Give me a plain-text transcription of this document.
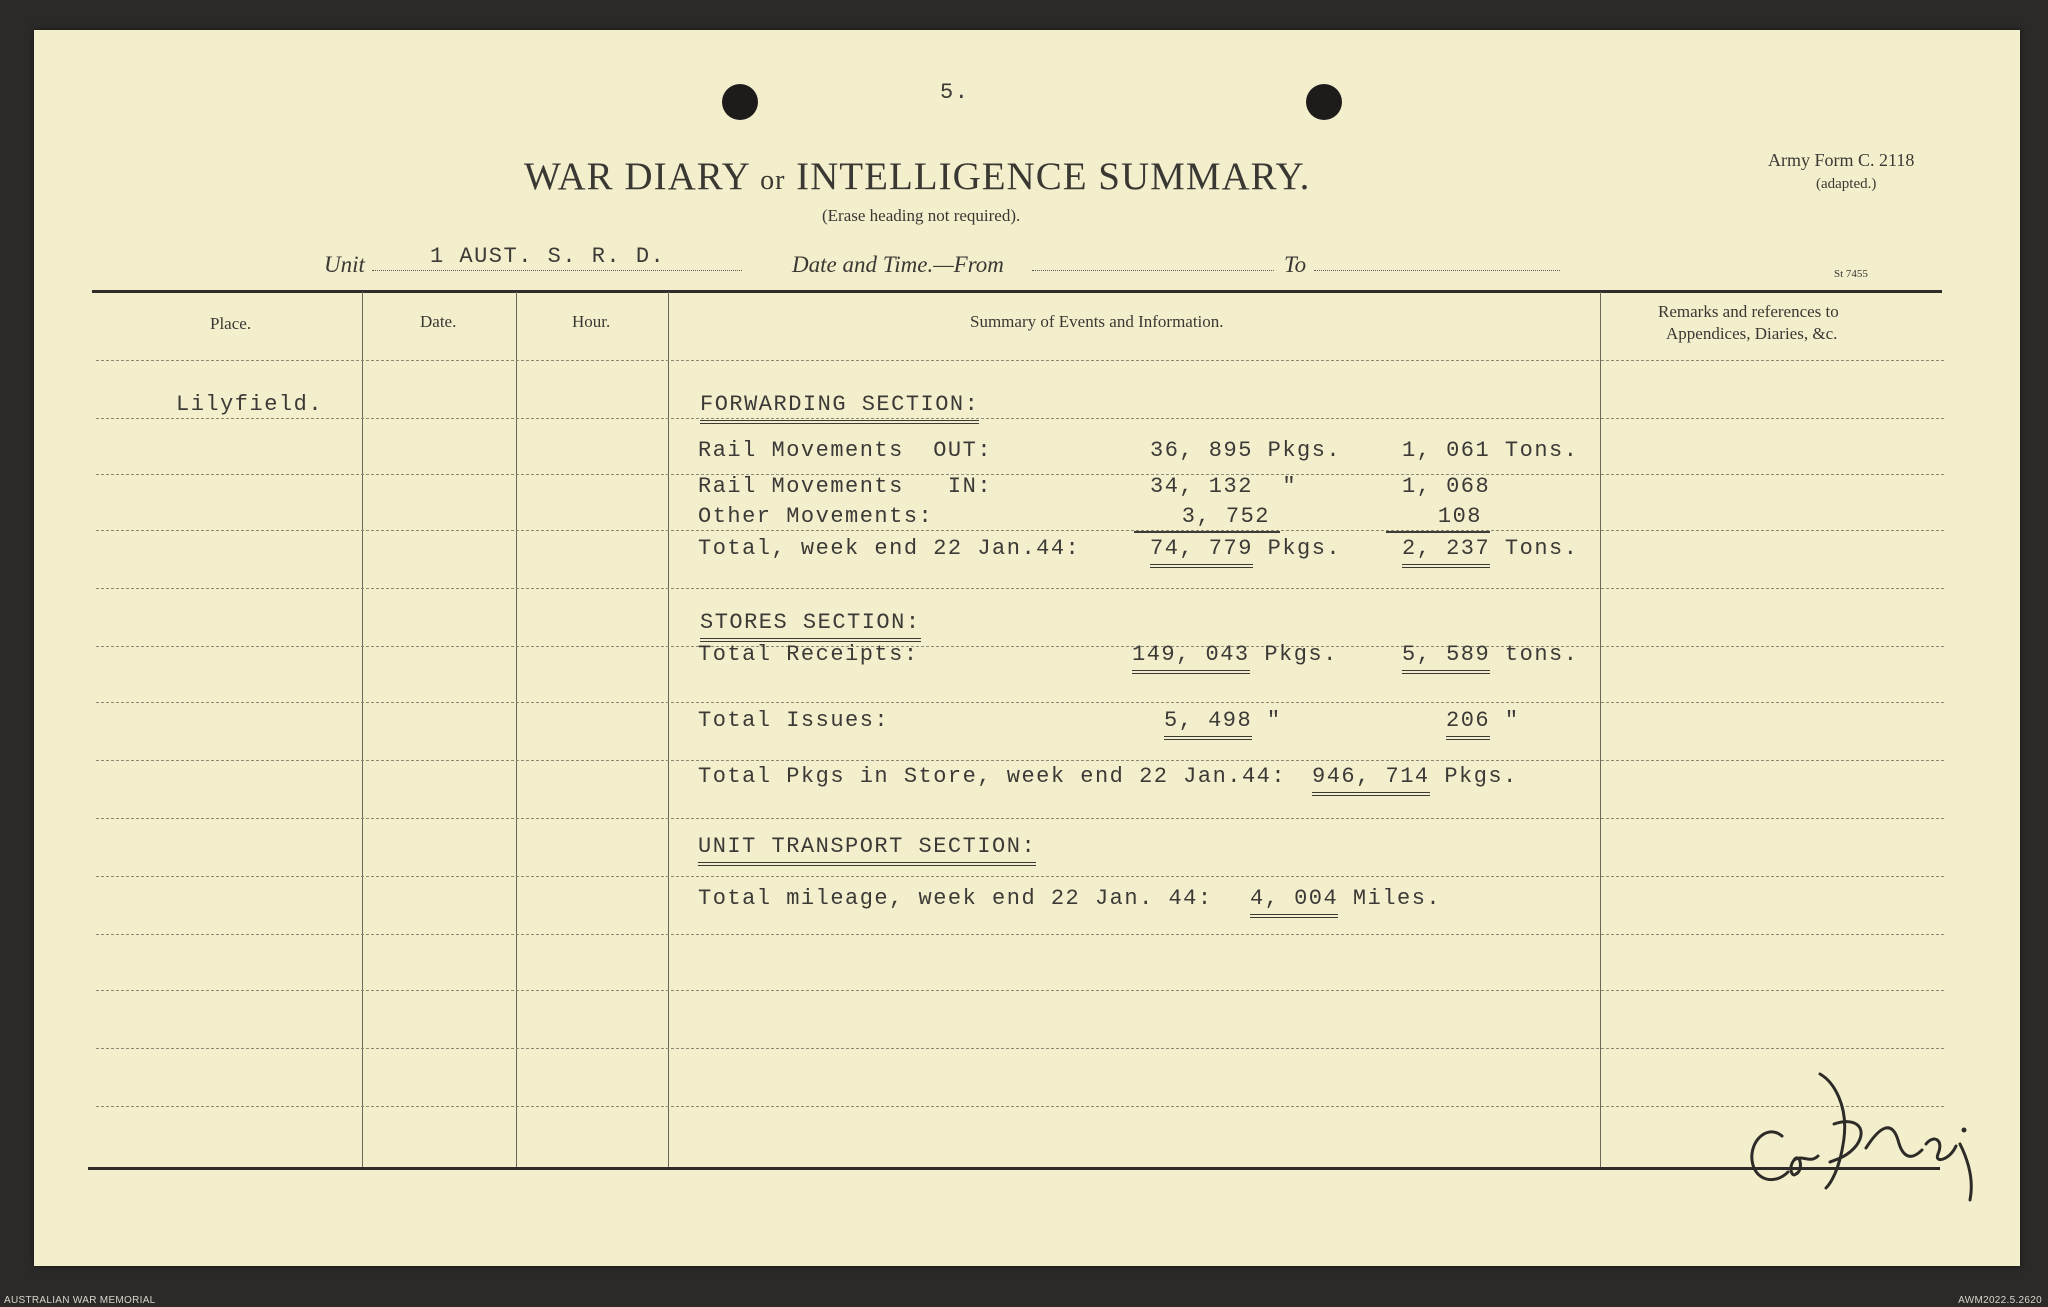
5.
WAR DIARY or INTELLIGENCE SUMMARY.
(Erase heading not required).
Army Form C. 2118
(adapted.)
St 7455
Unit	1 AUST. S. R. D.	Date and Time.—From	To
Place.	Date.	Hour.	Summary of Events and Information.
Remarks and references to
Appendices, Diaries, &c.
Lilyfield.	FORWARDING SECTION:
Rail Movements  OUT:	36, 895 Pkgs.	1, 061 Tons.
Rail Movements   IN:	34, 132  "	1, 068
Other Movements:	3, 752	108
Total, week end 22 Jan.44:	74, 779 Pkgs.	2, 237 Tons.
STORES SECTION:
Total Receipts:	149, 043 Pkgs.	5, 589 tons.
Total Issues:	5, 498 "	206 "
Total Pkgs in Store, week end 22 Jan.44: 946, 714 Pkgs.
UNIT TRANSPORT SECTION:
Total mileage, week end 22 Jan. 44: 4, 004 Miles.
AUSTRALIAN WAR MEMORIAL	AWM2022.5.2620
